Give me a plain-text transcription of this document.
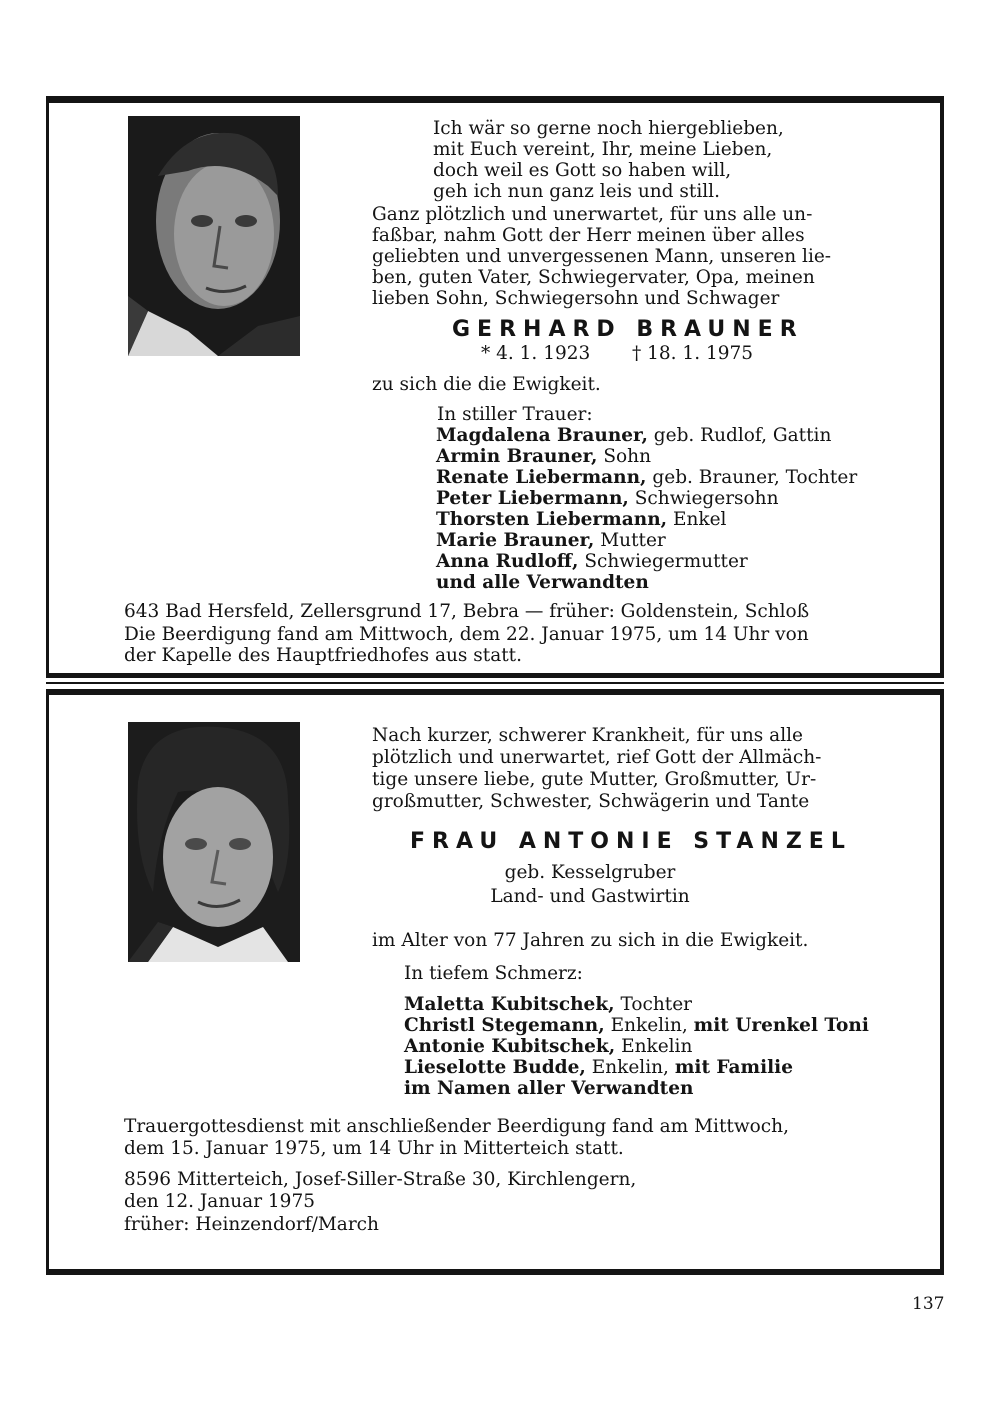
Ich wär so gerne noch hiergeblieben,
mit Euch vereint, Ihr, meine Lieben,
doch weil es Gott so haben will,
geh ich nun ganz leis und still.
Ganz plötzlich und unerwartet, für uns alle un-
faßbar, nahm Gott der Herr meinen über alles
geliebten und unvergessenen Mann, unseren lie-
ben, guten Vater, Schwiegervater, Opa, meinen
lieben Sohn, Schwiegersohn und Schwager
GERHARD BRAUNER
* 4. 1. 1923 † 18. 1. 1975
zu sich die die Ewigkeit.
In stiller Trauer:
Magdalena Brauner, geb. Rudlof, Gattin
Armin Brauner, Sohn
Renate Liebermann, geb. Brauner, Tochter
Peter Liebermann, Schwiegersohn
Thorsten Liebermann, Enkel
Marie Brauner, Mutter
Anna Rudloff, Schwiegermutter
und alle Verwandten
643 Bad Hersfeld, Zellersgrund 17, Bebra — früher: Goldenstein, Schloß
Die Beerdigung fand am Mittwoch, dem 22. Januar 1975, um 14 Uhr von
der Kapelle des Hauptfriedhofes aus statt.
Nach kurzer, schwerer Krankheit, für uns alle
plötzlich und unerwartet, rief Gott der Allmäch-
tige unsere liebe, gute Mutter, Großmutter, Ur-
großmutter, Schwester, Schwägerin und Tante
FRAU ANTONIE STANZEL
geb. Kesselgruber
Land- und Gastwirtin
im Alter von 77 Jahren zu sich in die Ewigkeit.
In tiefem Schmerz:
Maletta Kubitschek, Tochter
Christl Stegemann, Enkelin, mit Urenkel Toni
Antonie Kubitschek, Enkelin
Lieselotte Budde, Enkelin, mit Familie
im Namen aller Verwandten
Trauergottesdienst mit anschließender Beerdigung fand am Mittwoch,
dem 15. Januar 1975, um 14 Uhr in Mitterteich statt.
8596 Mitterteich, Josef-Siller-Straße 30, Kirchlengern,
den 12. Januar 1975
früher: Heinzendorf/March
137
